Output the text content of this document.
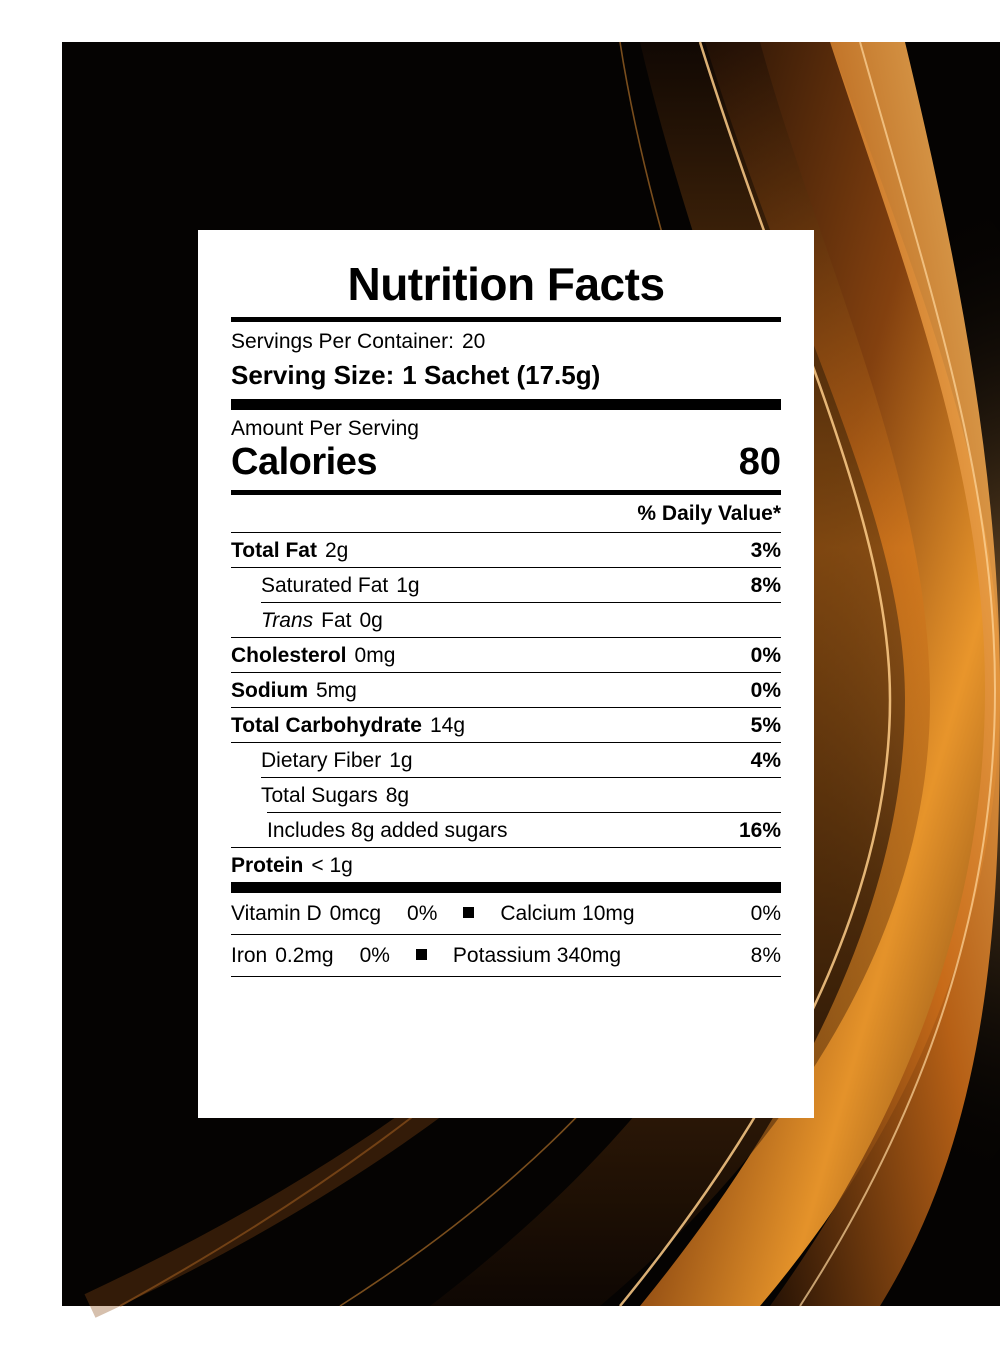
Nutrition Facts
Servings Per Container: 20
Serving Size: 1 Sachet (17.5g)
Amount Per Serving
Calories	80
% Daily Value*
Total Fat 2g	3%
Saturated Fat 1g	8%
Trans Fat 0g
Cholesterol 0mg	0%
Sodium 5mg	0%
Total Carbohydrate 14g	5%
Dietary Fiber 1g	4%
Total Sugars 8g
Includes 8g added sugars	16%
Protein < 1g
Vitamin D 0mcg 0%	Calcium 10mg	0%
Iron 0.2mg 0%	Potassium 340mg	8%
